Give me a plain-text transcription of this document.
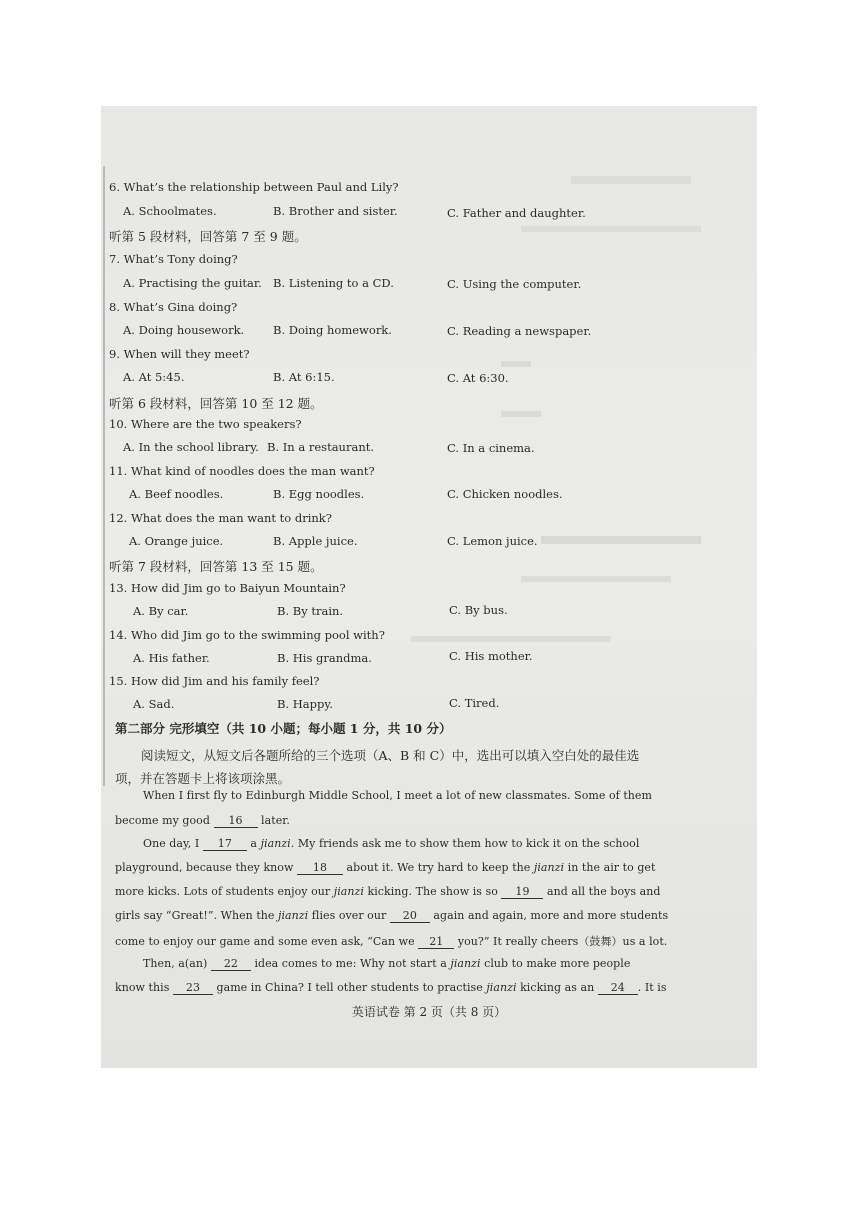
6. What’s the relationship between Paul and Lily?
A. Schoolmates.	B. Brother and sister.	C. Father and daughter.
听第 5 段材料，回答第 7 至 9 题。
7. What’s Tony doing?
A. Practising the guitar. B. Listening to a CD.	C. Using the computer.
8. What’s Gina doing?
A. Doing housework.	B. Doing homework.	C. Reading a newspaper.
9. When will they meet?
A. At 5:45.	B. At 6:15.	C. At 6:30.
听第 6 段材料，回答第 10 至 12 题。
10. Where are the two speakers?
A. In the school library. B. In a restaurant.	C. In a cinema.
11. What kind of noodles does the man want?
A. Beef noodles.	B. Egg noodles.	C. Chicken noodles.
12. What does the man want to drink?
A. Orange juice.	B. Apple juice.	C. Lemon juice.
听第 7 段材料，回答第 13 至 15 题。
13. How did Jim go to Baiyun Mountain?
A. By car.	B. By train.	C. By bus.
14. Who did Jim go to the swimming pool with?
A. His father.	B. His grandma.	C. His mother.
15. How did Jim and his family feel?
A. Sad.	B. Happy.	C. Tired.
第二部分 完形填空（共 10 小题；每小题 1 分，共 10 分）
阅读短文，从短文后各题所给的三个选项（A、B 和 C）中，选出可以填入空白处的最佳选
项，并在答题卡上将该项涂黑。
When I first fly to Edinburgh Middle School, I meet a lot of new classmates. Some of them
become my good 16 later.
One day, I 17 a jianzi. My friends ask me to show them how to kick it on the school
playground, because they know 18 about it. We try hard to keep the jianzi in the air to get
more kicks. Lots of students enjoy our jianzi kicking. The show is so 19 and all the boys and
girls say “Great!”. When the jianzi flies over our 20 again and again, more and more students
come to enjoy our game and some even ask, “Can we 21 you?” It really cheers（鼓舞）us a lot.
Then, a(an) 22 idea comes to me: Why not start a jianzi club to make more people
know this 23 game in China? I tell other students to practise jianzi kicking as an 24 . It is
英语试卷 第 2 页（共 8 页）
